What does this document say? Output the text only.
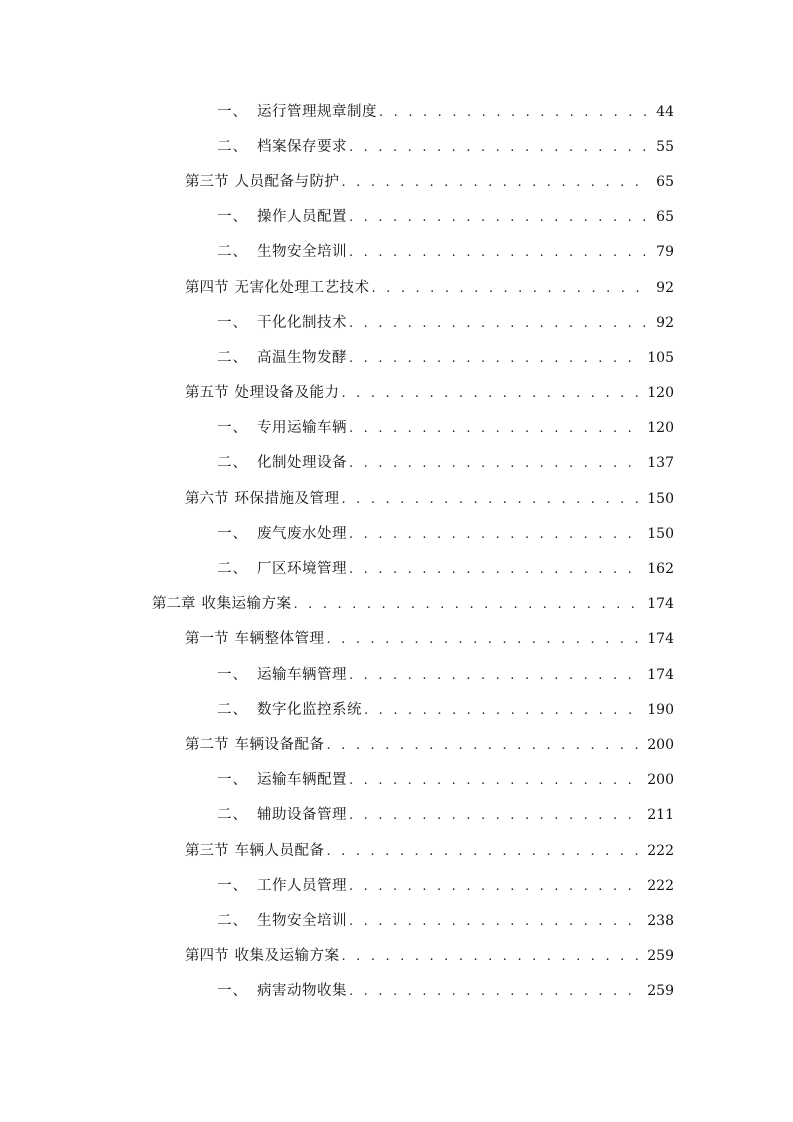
一、 运行管理规章制度 . . .	44
二、 档案保存要求 . . .	55
第三节 人员配备与防护 . . .	65
一、 操作人员配置 . . .	65
二、 生物安全培训 . . .	79
第四节 无害化处理工艺技术 . . .	92
一、 干化化制技术 . . .	92
二、 高温生物发酵 . . .	105
第五节 处理设备及能力 . . .	120
一、 专用运输车辆 . . .	120
二、 化制处理设备 . . .	137
第六节 环保措施及管理 . . .	150
一、 废气废水处理 . . .	150
二、 厂区环境管理 . . .	162
第二章 收集运输方案 . . .	174
第一节 车辆整体管理 . . .	174
一、 运输车辆管理 . . .	174
二、 数字化监控系统 . . .	190
第二节 车辆设备配备 . . .	200
一、 运输车辆配置 . . .	200
二、 辅助设备管理 . . .	211
第三节 车辆人员配备 . . .	222
一、 工作人员管理 . . .	222
二、 生物安全培训 . . .	238
第四节 收集及运输方案 . . .	259
一、 病害动物收集 . . .	259
